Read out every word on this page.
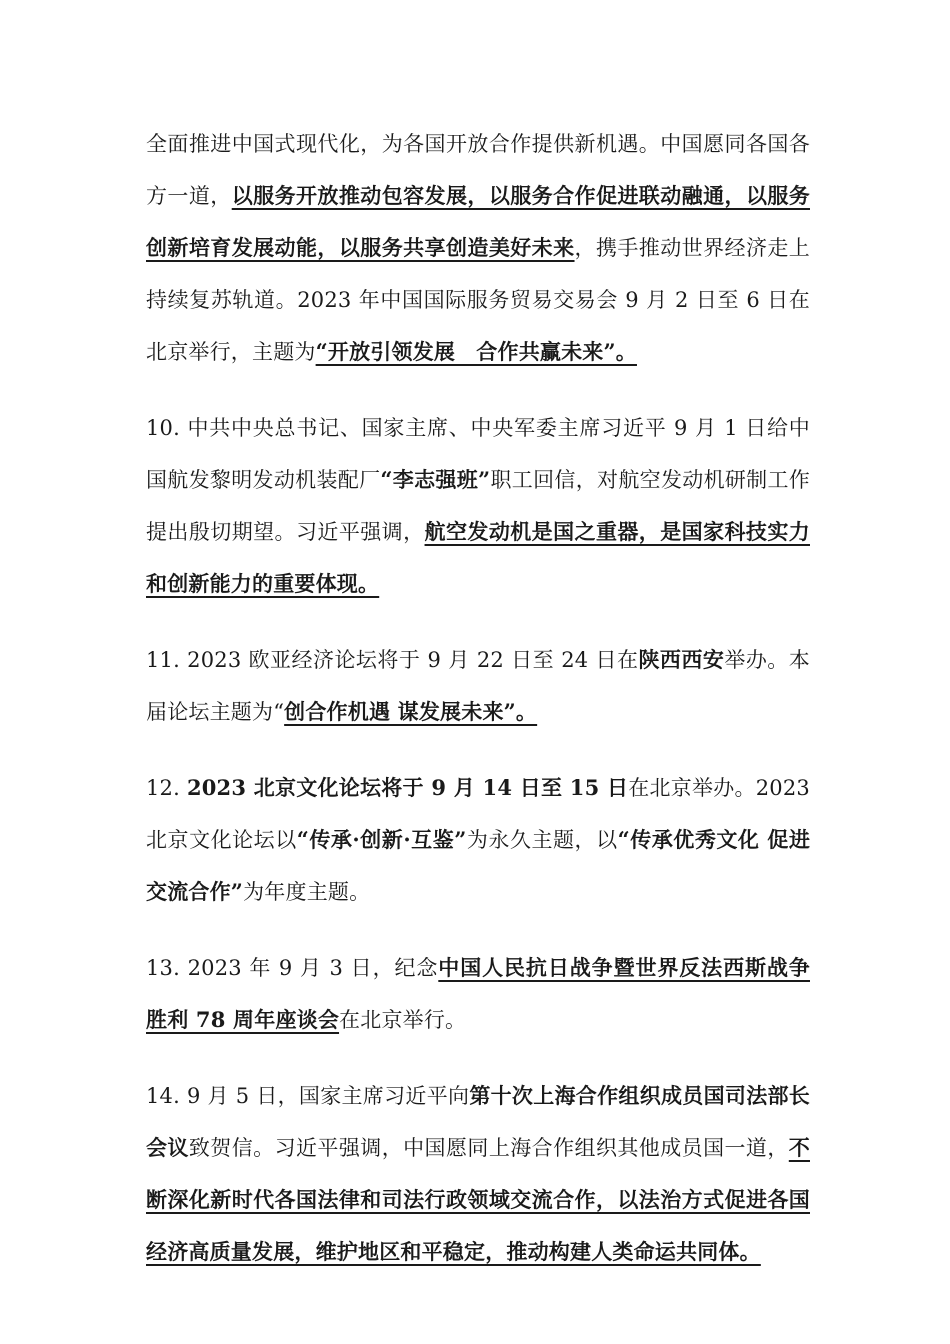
全面推进中国式现代化，为各国开放合作提供新机遇。中国愿同各国各方一道，以服务开放推动包容发展，以服务合作促进联动融通，以服务创新培育发展动能，以服务共享创造美好未来，携手推动世界经济走上持续复苏轨道。2023 年中国国际服务贸易交易会 9 月 2 日至 6 日在北京举行，主题为“开放引领发展　合作共赢未来”。

10. 中共中央总书记、国家主席、中央军委主席习近平 9 月 1 日给中国航发黎明发动机装配厂“李志强班”职工回信，对航空发动机研制工作提出殷切期望。习近平强调，航空发动机是国之重器，是国家科技实力和创新能力的重要体现。

11. 2023 欧亚经济论坛将于 9 月 22 日至 24 日在陕西西安举办。本届论坛主题为“创合作机遇 谋发展未来”。

12. 2023 北京文化论坛将于 9 月 14 日至 15 日在北京举办。2023 北京文化论坛以“传承·创新·互鉴”为永久主题，以“传承优秀文化 促进交流合作”为年度主题。

13. 2023 年 9 月 3 日，纪念中国人民抗日战争暨世界反法西斯战争胜利 78 周年座谈会在北京举行。

14. 9 月 5 日，国家主席习近平向第十次上海合作组织成员国司法部长会议致贺信。习近平强调，中国愿同上海合作组织其他成员国一道，不断深化新时代各国法律和司法行政领域交流合作，以法治方式促进各国经济高质量发展，维护地区和平稳定，推动构建人类命运共同体。
